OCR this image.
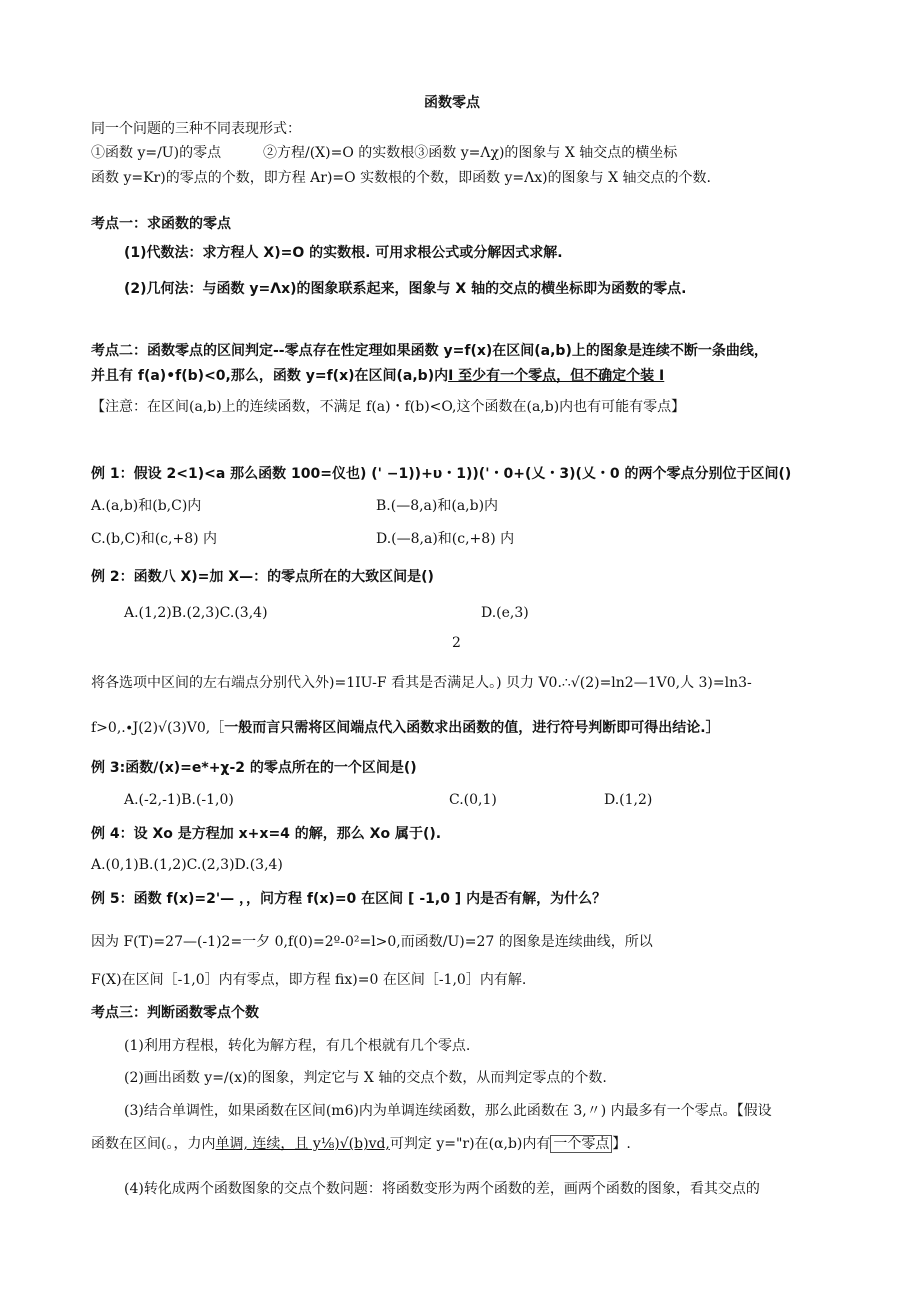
函数零点
同一个问题的三种不同表现形式：
①函数 y=∕U)的零点	②方程/(X)=O 的实数根③函数 y=Λχ)的图象与 X 轴交点的横坐标
函数 y=Kr)的零点的个数，即方程 Ar)=O 实数根的个数，即函数 y=Λx)的图象与 X 轴交点的个数.
考点一：求函数的零点
(1)代数法：求方程人 X)=O 的实数根. 可用求根公式或分解因式求解.
(2)几何法：与函数 y=Λx)的图象联系起来，图象与 X 轴的交点的横坐标即为函数的零点.
考点二：函数零点的区间判定--零点存在性定理如果函数 y=f(x)在区间(a,b)上的图象是连续不断一条曲线，
并且有 f(a)•f(b)<0,那么，函数 y=f(x)在区间(a,b)内I 至少有一个零点，但不确定个装 I
【注意：在区间(a,b)上的连续函数，不满足 f(a)・f(b)<O,这个函数在(a,b)内也有可能有零点】
例 1：假设 2<1)<a 那么函数 100=仪也) (' −1))+υ・1))('・0+(乂・3)(乂・0 的两个零点分别位于区间()
A.(a,b)和(b,C)内	B.(—8,a)和(a,b)内
C.(b,C)和(c,+8) 内	D.(—8,a)和(c,+8) 内
例 2：函数八 X)=加 X—：的零点所在的大致区间是()
A.(1,2)B.(2,3)C.(3,4)	D.(e,3)
2
将各选项中区间的左右端点分别代入外)=1IU-F 看其是否满足人。) 贝力 V0.∴√(2)=ln2—1V0,人 3)=ln3-
f>0,.∙J(2)√(3)V0,［一般而言只需将区间端点代入函数求出函数的值，进行符号判断即可得出结论.］
例 3:函数/(x)=e*+χ-2 的零点所在的一个区间是()
A.(-2,-1)B.(-1,0)	C.(0,1)	D.(1,2)
例 4：设 Xo 是方程加 x+x=4 的解，那么 Xo 属于().
A.(0,1)B.(1,2)C.(2,3)D.(3,4)
例 5：函数 f(x)=2'— ，，问方程 f(x)=0 在区间 [ -1,0 ] 内是否有解，为什么？
因为 F(T)=27—(-1)2=一夕 0,f(0)=2º-0²=l>0,而函数/U)=27 的图象是连续曲线，所以
F(X)在区间［-1,0］内有零点，即方程 fix)=0 在区间［-1,0］内有解.
考点三：判断函数零点个数
(1)利用方程根，转化为解方程，有几个根就有几个零点.
(2)画出函数 y=∕(x)的图象，判定它与 X 轴的交点个数，从而判定零点的个数.
(3)结合单调性，如果函数在区间(m6)内为单调连续函数，那么此函数在 3,〃) 内最多有一个零点。【假设
函数在区间(。，力内单调, 连续，且 y⅛)√(b)vd,可判定 y="r)在(α,b)内有 一个零点 】.
(4)转化成两个函数图象的交点个数问题：将函数变形为两个函数的差，画两个函数的图象，看其交点的
